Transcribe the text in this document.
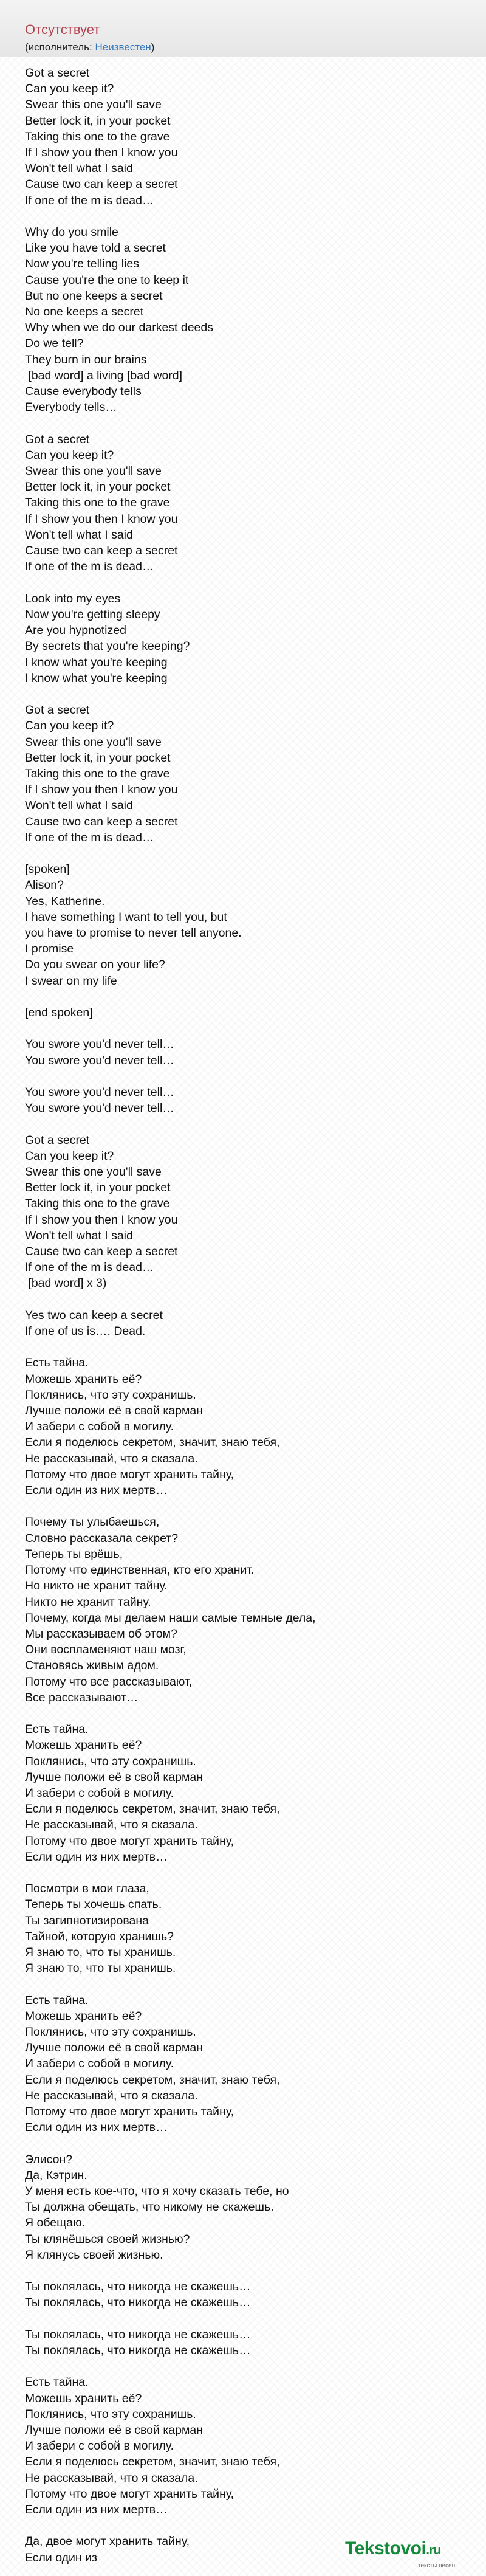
Отсутствует
(исполнитель: Неизвестен)
Got a secret
Can you keep it?
Swear this one you'll save
Better lock it, in your pocket
Taking this one to the grave
If I show you then I know you
Won't tell what I said
Cause two can keep a secret
If one of the m is dead…

Why do you smile
Like you have told a secret
Now you're telling lies
Cause you're the one to keep it
But no one keeps a secret
No one keeps a secret
Why when we do our darkest deeds
Do we tell?
They burn in our brains
[bad word] a living [bad word]
Cause everybody tells
Everybody tells…

Got a secret
Can you keep it?
Swear this one you'll save
Better lock it, in your pocket
Taking this one to the grave
If I show you then I know you
Won't tell what I said
Cause two can keep a secret
If one of the m is dead…

Look into my eyes
Now you're getting sleepy
Are you hypnotized
By secrets that you're keeping?
I know what you're keeping
I know what you're keeping

Got a secret
Can you keep it?
Swear this one you'll save
Better lock it, in your pocket
Taking this one to the grave
If I show you then I know you
Won't tell what I said
Cause two can keep a secret
If one of the m is dead…

[spoken]
Alison?
Yes, Katherine.
I have something I want to tell you, but
you have to promise to never tell anyone.
I promise
Do you swear on your life?
I swear on my life

[end spoken]

You swore you'd never tell…
You swore you'd never tell…

You swore you'd never tell…
You swore you'd never tell…

Got a secret
Can you keep it?
Swear this one you'll save
Better lock it, in your pocket
Taking this one to the grave
If I show you then I know you
Won't tell what I said
Cause two can keep a secret
If one of the m is dead…
[bad word] x 3)

Yes two can keep a secret
If one of us is…. Dead.

Есть тайна.
Можешь хранить её?
Поклянись, что эту сохранишь.
Лучше положи её в свой карман
И забери с собой в могилу.
Если я поделюсь секретом, значит, знаю тебя,
Не рассказывай, что я сказала.
Потому что двое могут хранить тайну,
Если один из них мертв…

Почему ты улыбаешься,
Словно рассказала секрет?
Теперь ты врёшь,
Потому что единственная, кто его хранит.
Но никто не хранит тайну.
Никто не хранит тайну.
Почему, когда мы делаем наши самые темные дела,
Мы рассказываем об этом?
Они воспламеняют наш мозг,
Становясь живым адом.
Потому что все рассказывают,
Все рассказывают…

Есть тайна.
Можешь хранить её?
Поклянись, что эту сохранишь.
Лучше положи её в свой карман
И забери с собой в могилу.
Если я поделюсь секретом, значит, знаю тебя,
Не рассказывай, что я сказала.
Потому что двое могут хранить тайну,
Если один из них мертв…

Посмотри в мои глаза,
Теперь ты хочешь спать.
Ты загипнотизирована
Тайной, которую хранишь?
Я знаю то, что ты хранишь.
Я знаю то, что ты хранишь.

Есть тайна.
Можешь хранить её?
Поклянись, что эту сохранишь.
Лучше положи её в свой карман
И забери с собой в могилу.
Если я поделюсь секретом, значит, знаю тебя,
Не рассказывай, что я сказала.
Потому что двое могут хранить тайну,
Если один из них мертв…

Элисон?
Да, Кэтрин.
У меня есть кое-что, что я хочу сказать тебе, но
Ты должна обещать, что никому не скажешь.
Я обещаю.
Ты клянёшься своей жизнью?
Я клянусь своей жизнью.

Ты поклялась, что никогда не скажешь…
Ты поклялась, что никогда не скажешь…

Ты поклялась, что никогда не скажешь…
Ты поклялась, что никогда не скажешь…

Есть тайна.
Можешь хранить её?
Поклянись, что эту сохранишь.
Лучше положи её в свой карман
И забери с собой в могилу.
Если я поделюсь секретом, значит, знаю тебя,
Не рассказывай, что я сказала.
Потому что двое могут хранить тайну,
Если один из них мертв…

Да, двое могут хранить тайну,
Если один из	Tekstovoi.ru
тексты песен
